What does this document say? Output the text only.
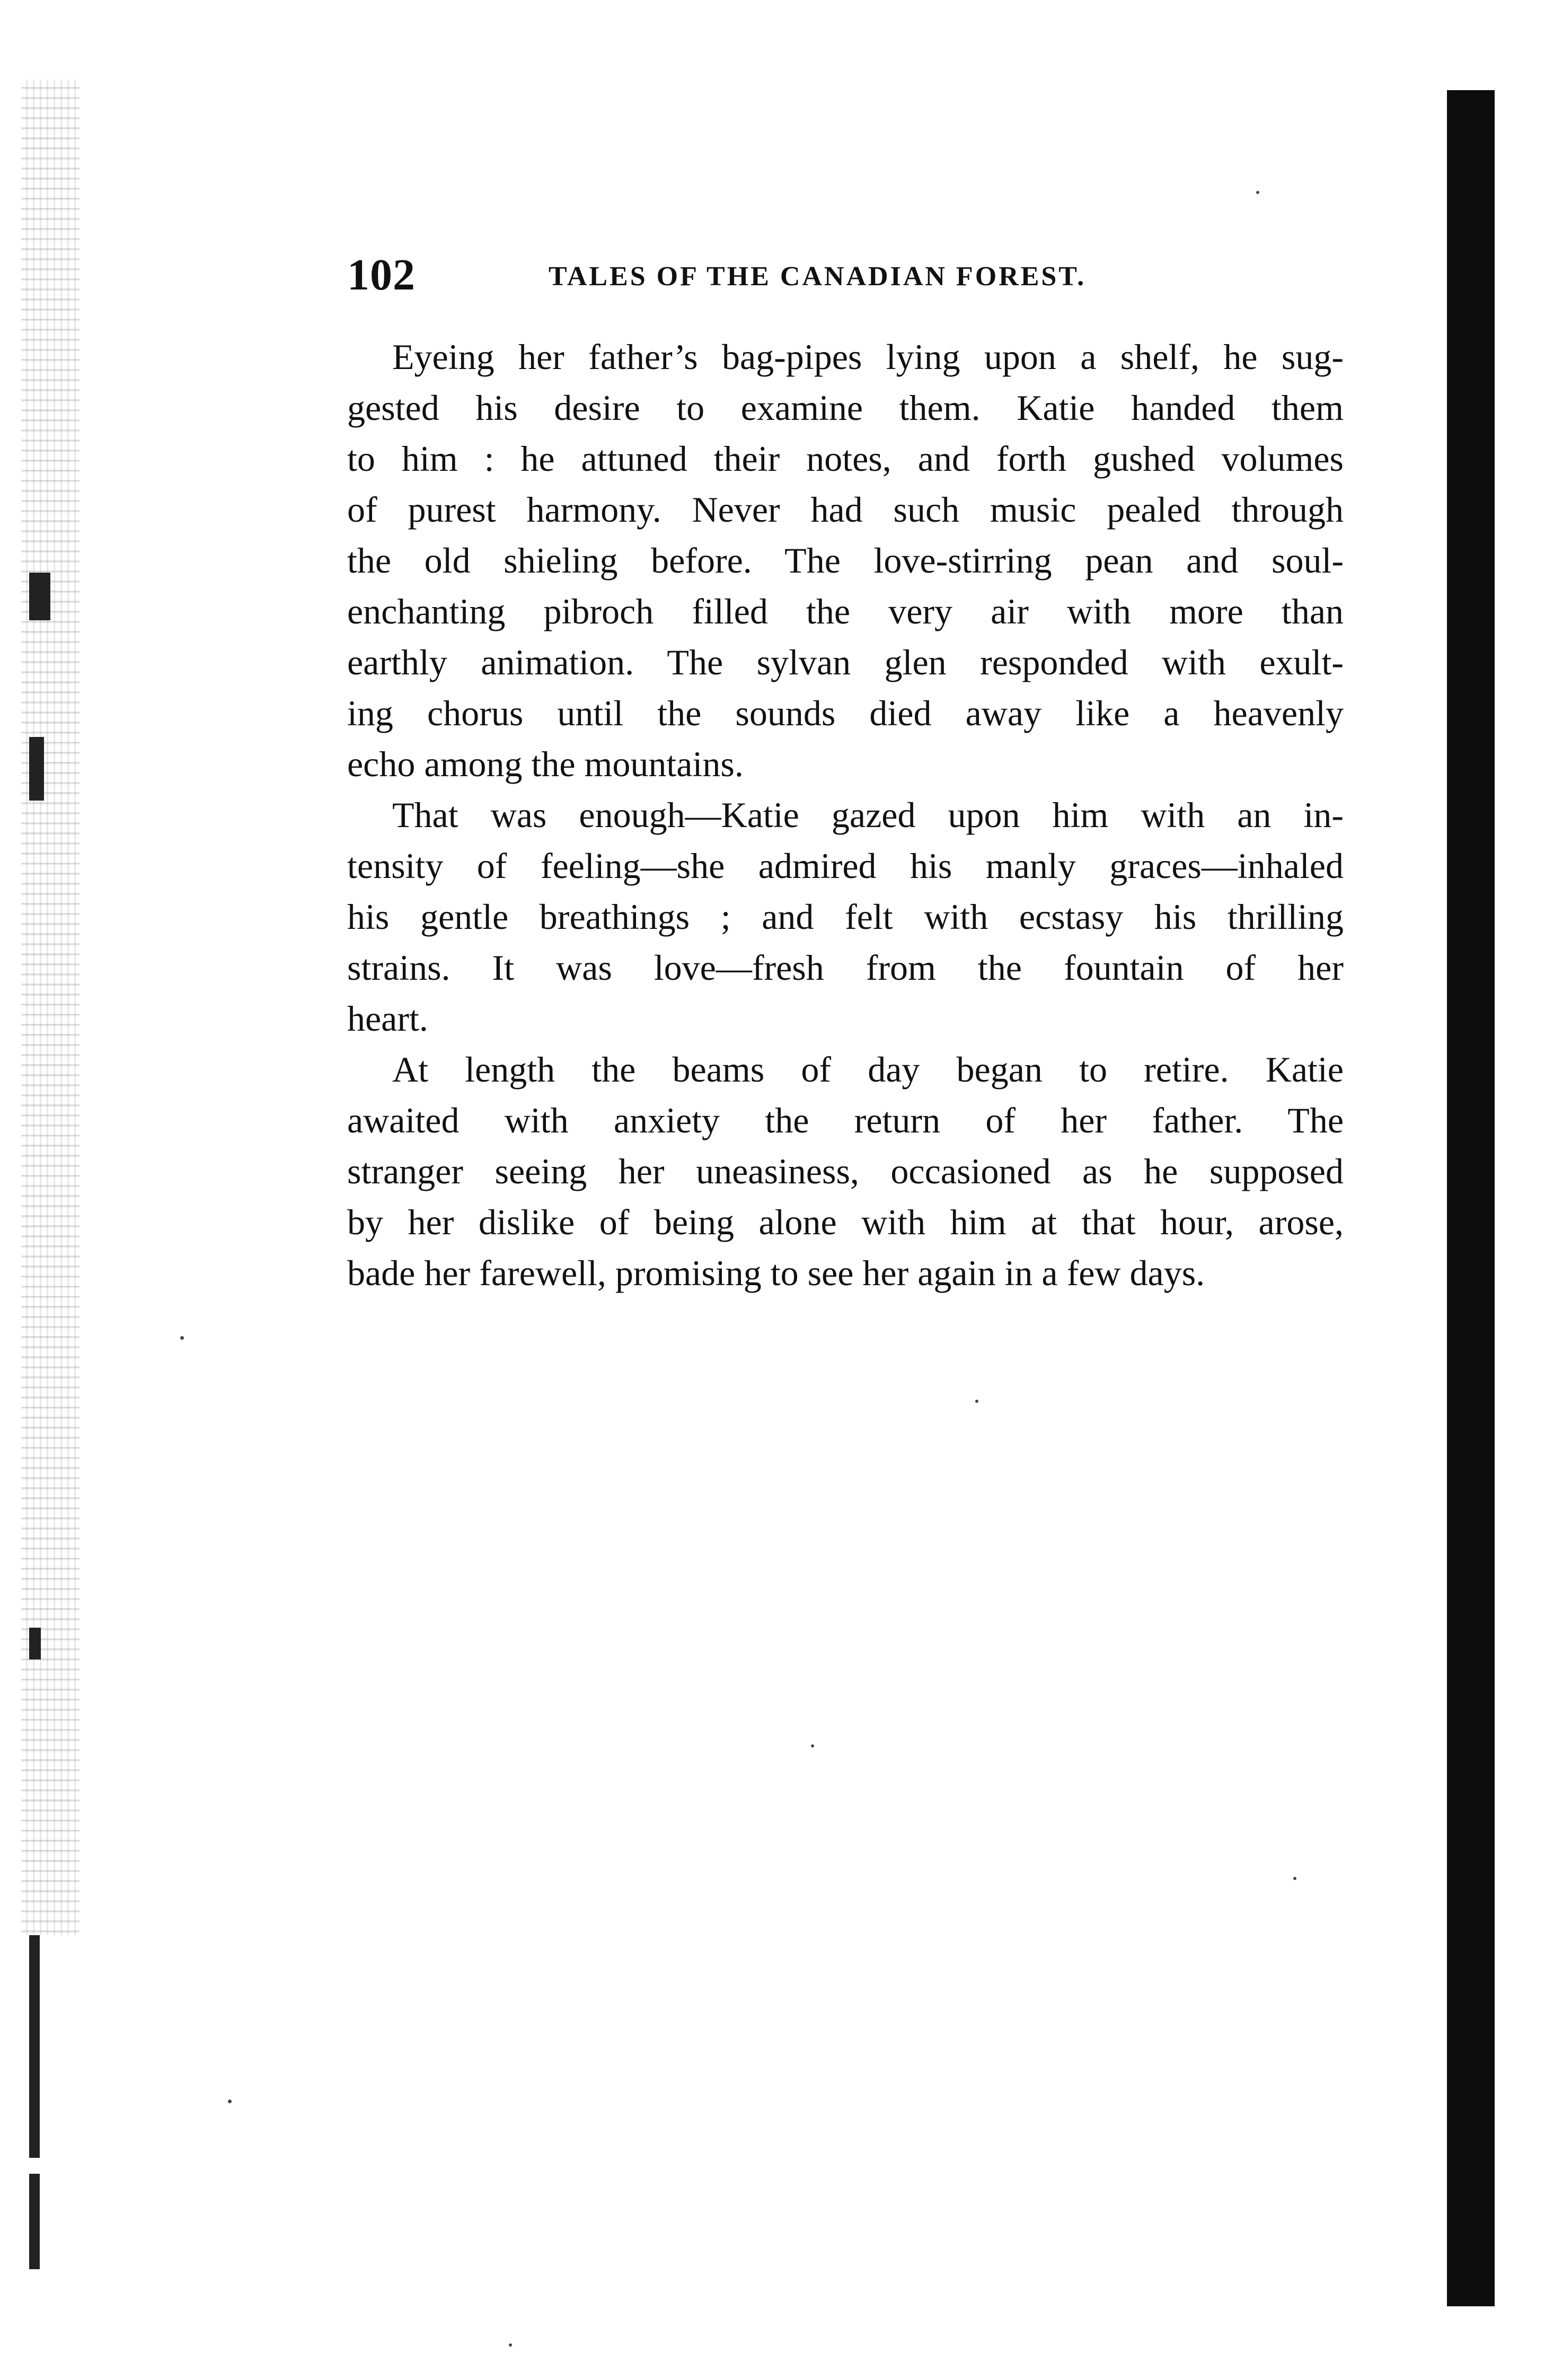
102	TALES OF THE CANADIAN FOREST.
Eyeing her father’s bag-pipes lying upon a shelf, he sug-
gested his desire to examine them. Katie handed them
to him : he attuned their notes, and forth gushed volumes
of purest harmony. Never had such music pealed through
the old shieling before. The love-stirring pean and soul-
enchanting pibroch filled the very air with more than
earthly animation. The sylvan glen responded with exult-
ing chorus until the sounds died away like a heavenly
echo among the mountains.
That was enough—Katie gazed upon him with an in-
tensity of feeling—she admired his manly graces—inhaled
his gentle breathings ; and felt with ecstasy his thrilling
strains. It was love—fresh from the fountain of her
heart.
At length the beams of day began to retire. Katie
awaited with anxiety the return of her father. The
stranger seeing her uneasiness, occasioned as he supposed
by her dislike of being alone with him at that hour, arose,
bade her farewell, promising to see her again in a few days.
